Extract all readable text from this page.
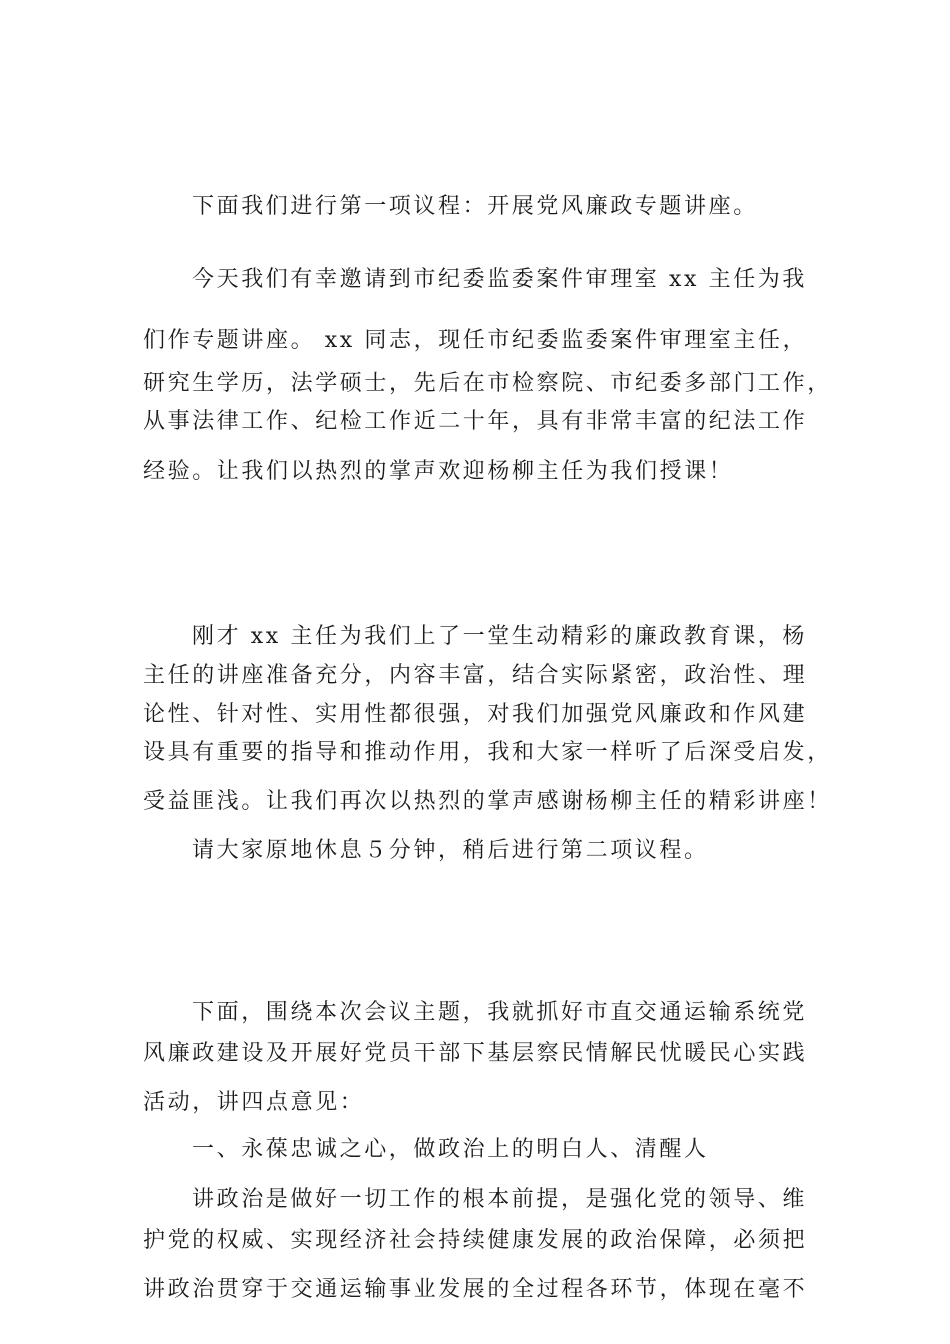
下面我们进行第一项议程：开展党风廉政专题讲座。
今天我们有幸邀请到市纪委监委案件审理室 xx 主任为我
们作专题讲座。 xx 同志，现任市纪委监委案件审理室主任，
研究生学历，法学硕士，先后在市检察院、市纪委多部门工作，
从事法律工作、纪检工作近二十年，具有非常丰富的纪法工作
经验。让我们以热烈的掌声欢迎杨柳主任为我们授课！
刚才 xx 主任为我们上了一堂生动精彩的廉政教育课，杨
主任的讲座准备充分，内容丰富，结合实际紧密，政治性、理
论性、针对性、实用性都很强，对我们加强党风廉政和作风建
设具有重要的指导和推动作用，我和大家一样听了后深受启发，
受益匪浅。让我们再次以热烈的掌声感谢杨柳主任的精彩讲座！
请大家原地休息５分钟，稍后进行第二项议程。
下面，围绕本次会议主题，我就抓好市直交通运输系统党
风廉政建设及开展好党员干部下基层察民情解民忧暖民心实践
活动，讲四点意见：
一、永葆忠诚之心，做政治上的明白人、清醒人
讲政治是做好一切工作的根本前提，是强化党的领导、维
护党的权威、实现经济社会持续健康发展的政治保障，必须把
讲政治贯穿于交通运输事业发展的全过程各环节，体现在毫不
